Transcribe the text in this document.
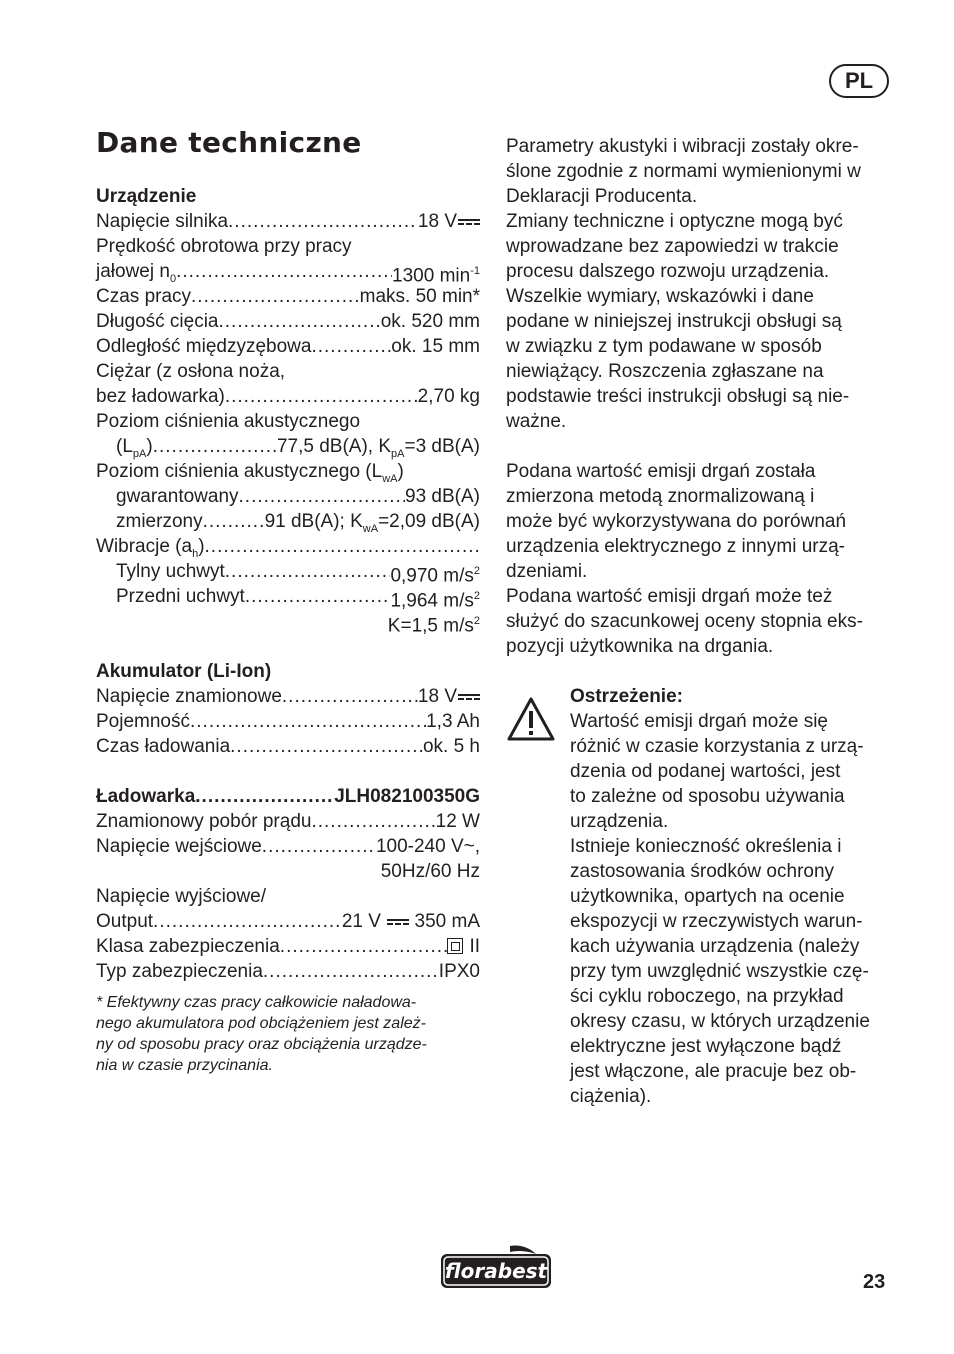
PL
Dane techniczne
Urządzenie
Napięcie silnika .....	18 V
Prędkość obrotowa przy pracy
jałowej $n_0$ .....	1300 $\min^{-1}$
Czas pracy .....	maks. 50 min*
Długość cięcia .....	ok. 520 mm
Odległość międzyzębowa .....	ok. 15 mm
Ciężar (z osłona noża,
bez ładowarka) .....	2,70 kg
Poziom ciśnienia akustycznego
$(L_{pA})$ .....	77,5 dB(A), $K_{pA}=3$ dB(A)
Poziom ciśnienia akustycznego $(L_{wA})$
gwarantowany .....	93 dB(A)
zmierzony .....	91 dB(A); $K_{wA}=2,09$ dB(A)
Wibracje $(a_h)$
.....
Tylny uchwyt .....	0,970 $m/s^2$
Przedni uchwyt .....	1,964 $m/s^2$
K=1,5 $m/s^2$
Akumulator (Li-Ion)
Napięcie znamionowe .....	18 V
Pojemność .....	1,3 Ah
Czas ładowania .....	ok. 5 h
Ładowarka .....	JLH082100350G
Znamionowy pobór prądu .....	12 W
Napięcie wejściowe .....	100-240 V~,
50Hz/60 Hz
Napięcie wyjściowe/
Output .....	21 V 350 mA
Klasa zabezpieczenia .....	II
Typ zabezpieczenia .....	IPX0
* Efektywny czas pracy całkowicie naładowa-
nego akumulatora pod obciążeniem jest zależ-
ny od sposobu pracy oraz obciążenia urządze-
nia w czasie przycinania.
Parametry akustyki i wibracji zostały okre-
ślone zgodnie z normami wymienionymi w
Deklaracji Producenta.
Zmiany techniczne i optyczne mogą być
wprowadzane bez zapowiedzi w trakcie
procesu dalszego rozwoju urządzenia.
Wszelkie wymiary, wskazówki i dane
podane w niniejszej instrukcji obsługi są
w związku z tym podawane w sposób
niewiążący. Roszczenia zgłaszane na
podstawie treści instrukcji obsługi są nie-
ważne.
Podana wartość emisji drgań została
zmierzona metodą znormalizowaną i
może być wykorzystywana do porównań
urządzenia elektrycznego z innymi urzą-
dzeniami.
Podana wartość emisji drgań może też
służyć do szacunkowej oceny stopnia eks-
pozycji użytkownika na drgania.
Ostrzeżenie:
Wartość emisji drgań może się
różnić w czasie korzystania z urzą-
dzenia od podanej wartości, jest
to zależne od sposobu używania
urządzenia.
Istnieje konieczność określenia i
zastosowania środków ochrony
użytkownika, opartych na ocenie
ekspozycji w rzeczywistych warun-
kach używania urządzenia (należy
przy tym uwzględnić wszystkie czę-
ści cyklu roboczego, na przykład
okresy czasu, w których urządzenie
elektryczne jest wyłączone bądź
jest włączone, ale pracuje bez ob-
ciążenia).
florabest	23
